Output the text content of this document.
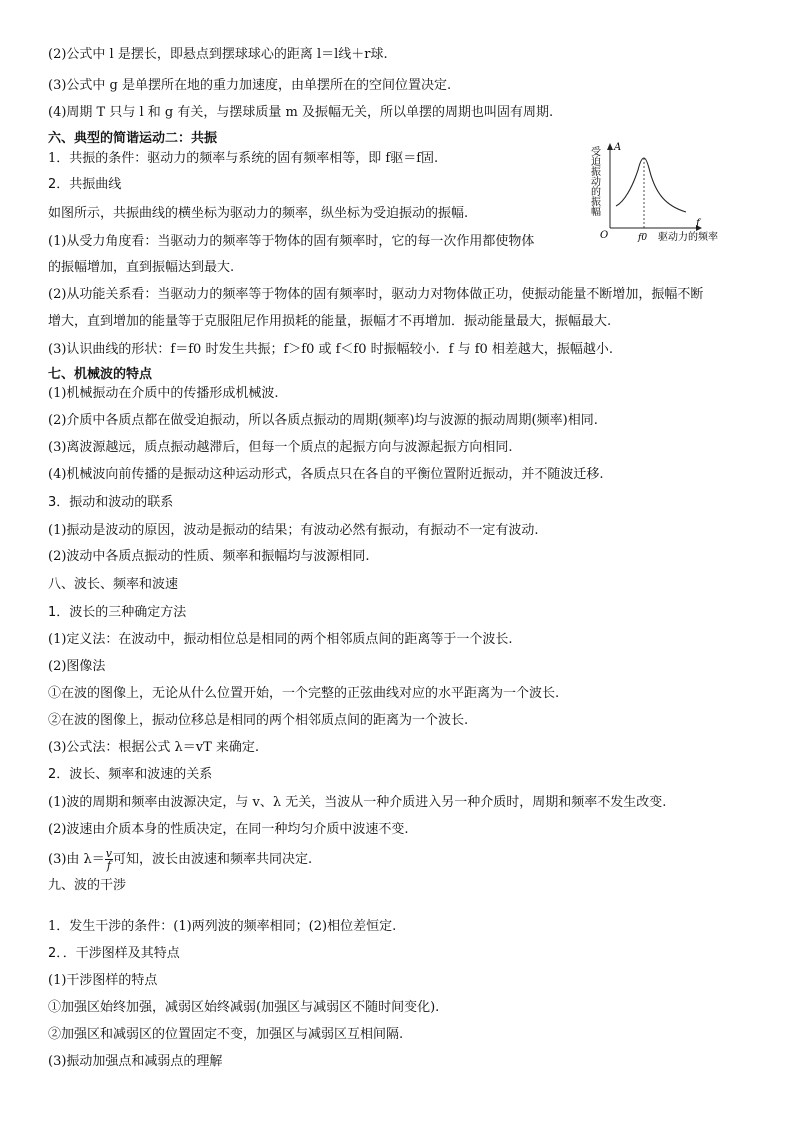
(2)公式中 l 是摆长，即悬点到摆球球心的距离 l＝l线＋r球.
(3)公式中 g 是单摆所在地的重力加速度，由单摆所在的空间位置决定.
(4)周期 T 只与 l 和 g 有关，与摆球质量 m 及振幅无关，所以单摆的周期也叫固有周期.
六、典型的简谐运动二：共振
1．共振的条件：驱动力的频率与系统的固有频率相等，即 f驱＝f固.
2．共振曲线
如图所示，共振曲线的横坐标为驱动力的频率，纵坐标为受迫振动的振幅.
(1)从受力角度看：当驱动力的频率等于物体的固有频率时，它的每一次作用都使物体
的振幅增加，直到振幅达到最大.
(2)从功能关系看：当驱动力的频率等于物体的固有频率时，驱动力对物体做正功，使振动能量不断增加，振幅不断
增大，直到增加的能量等于克服阻尼作用损耗的能量，振幅才不再增加．振动能量最大，振幅最大.
(3)认识曲线的形状：f＝f0 时发生共振；f＞f0 或 f＜f0 时振幅较小．f 与 f0 相差越大，振幅越小.
七、机械波的特点
(1)机械振动在介质中的传播形成机械波.
(2)介质中各质点都在做受迫振动，所以各质点振动的周期(频率)均与波源的振动周期(频率)相同.
(3)离波源越远，质点振动越滞后，但每一个质点的起振方向与波源起振方向相同.
(4)机械波向前传播的是振动这种运动形式，各质点只在各自的平衡位置附近振动，并不随波迁移.
3．振动和波动的联系
(1)振动是波动的原因，波动是振动的结果；有波动必然有振动，有振动不一定有波动.
(2)波动中各质点振动的性质、频率和振幅均与波源相同.
八、波长、频率和波速
1．波长的三种确定方法
(1)定义法：在波动中，振动相位总是相同的两个相邻质点间的距离等于一个波长.
(2)图像法
①在波的图像上，无论从什么位置开始，一个完整的正弦曲线对应的水平距离为一个波长.
②在波的图像上，振动位移总是相同的两个相邻质点间的距离为一个波长.
(3)公式法：根据公式 λ＝vT 来确定.
2．波长、频率和波速的关系
(1)波的周期和频率由波源决定，与 v、λ 无关，当波从一种介质进入另一种介质时，周期和频率不发生改变.
(2)波速由介质本身的性质决定，在同一种均匀介质中波速不变.
九、波的干涉
1．发生干涉的条件：(1)两列波的频率相同；(2)相位差恒定.
2．．干涉图样及其特点
(1)干涉图样的特点
①加强区始终加强，减弱区始终减弱(加强区与减弱区不随时间变化).
②加强区和减弱区的位置固定不变，加强区与减弱区互相间隔.
(3)振动加强点和减弱点的理解
(3)由 $\lambda= \frac{v}{f}$ 可知，波长由波速和频率共同决定.
受迫振动的振幅 A
f
O	f0 驱动力的频率
